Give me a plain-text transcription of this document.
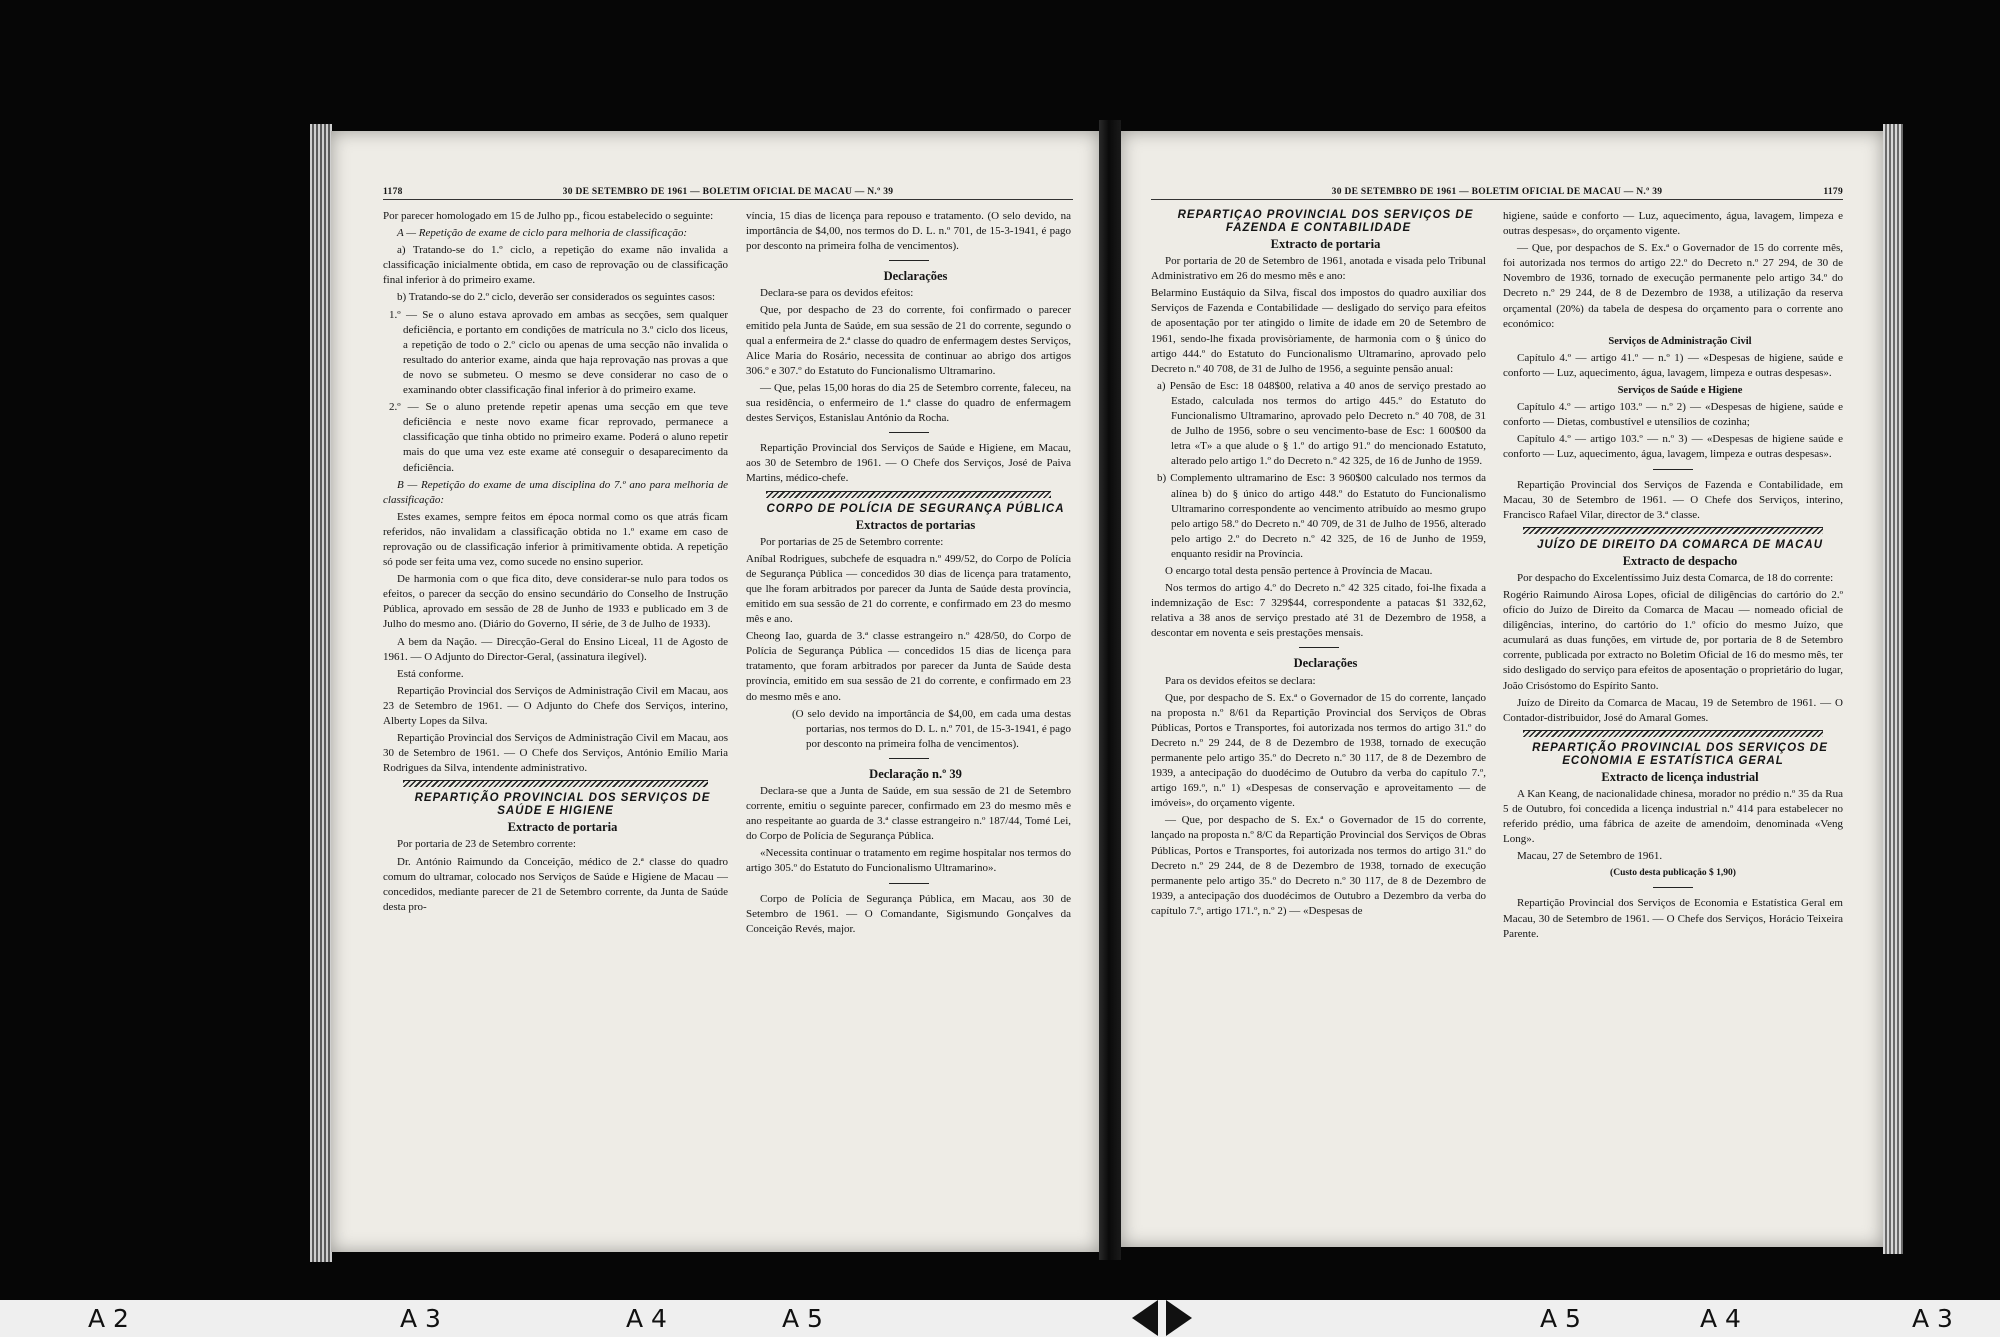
1178	30 DE SETEMBRO DE 1961 — BOLETIM OFICIAL DE MACAU — N.º 39

Por parecer homologado em 15 de Julho pp., ficou estabelecido o seguinte:

A — Repetição de exame de ciclo para melhoria de classificação:

a) Tratando-se do 1.º ciclo, a repetição do exame não invalida a classificação inicialmente obtida, em caso de reprovação ou de classificação final inferior à do primeiro exame.

b) Tratando-se do 2.º ciclo, deverão ser considerados os seguintes casos:

1.º — Se o aluno estava aprovado em ambas as secções, sem qualquer deficiência, e portanto em condições de matrícula no 3.º ciclo dos liceus, a repetição de todo o 2.º ciclo ou apenas de uma secção não invalida o resultado do anterior exame, ainda que haja reprovação nas provas a que de novo se submeteu. O mesmo se deve considerar no caso de o examinando obter classificação final inferior à do primeiro exame.

2.º — Se o aluno pretende repetir apenas uma secção em que teve deficiência e neste novo exame ficar reprovado, permanece a classificação que tinha obtido no primeiro exame. Poderá o aluno repetir mais do que uma vez este exame até conseguir o desaparecimento da deficiência.

B — Repetição do exame de uma disciplina do 7.º ano para melhoria de classificação:

Estes exames, sempre feitos em época normal como os que atrás ficam referidos, não invalidam a classificação obtida no 1.º exame em caso de reprovação ou de classificação inferior à primitivamente obtida. A repetição só pode ser feita uma vez, como sucede no ensino superior.

De harmonia com o que fica dito, deve considerar-se nulo para todos os efeitos, o parecer da secção do ensino secundário do Conselho de Instrução Pública, aprovado em sessão de 28 de Junho de 1933 e publicado em 3 de Julho do mesmo ano. (Diário do Governo, II série, de 3 de Julho de 1933).

A bem da Nação. — Direcção-Geral do Ensino Liceal, 11 de Agosto de 1961. — O Adjunto do Director-Geral, (assinatura ilegível).

Está conforme.

Repartição Provincial dos Serviços de Administração Civil em Macau, aos 23 de Setembro de 1961. — O Adjunto do Chefe dos Serviços, interino, Alberty Lopes da Silva.

Repartição Provincial dos Serviços de Administração Civil em Macau, aos 30 de Setembro de 1961. — O Chefe dos Serviços, António Emílio Maria Rodrigues da Silva, intendente administrativo.

REPARTIÇÃO PROVINCIAL DOS SERVIÇOS DE SAÚDE E HIGIENE

Extracto de portaria

Por portaria de 23 de Setembro corrente:

Dr. António Raimundo da Conceição, médico de 2.ª classe do quadro comum do ultramar, colocado nos Serviços de Saúde e Higiene de Macau — concedidos, mediante parecer de 21 de Setembro corrente, da Junta de Saúde desta pro-

víncia, 15 dias de licença para repouso e tratamento. (O selo devido, na importância de $4,00, nos termos do D. L. n.º 701, de 15-3-1941, é pago por desconto na primeira folha de vencimentos).

Declarações

Declara-se para os devidos efeitos:

Que, por despacho de 23 do corrente, foi confirmado o parecer emitido pela Junta de Saúde, em sua sessão de 21 do corrente, segundo o qual a enfermeira de 2.ª classe do quadro de enfermagem destes Serviços, Alice Maria do Rosário, necessita de continuar ao abrigo dos artigos 306.º e 307.º do Estatuto do Funcionalismo Ultramarino.

— Que, pelas 15,00 horas do dia 25 de Setembro corrente, faleceu, na sua residência, o enfermeiro de 1.ª classe do quadro de enfermagem destes Serviços, Estanislau António da Rocha.

Repartição Provincial dos Serviços de Saúde e Higiene, em Macau, aos 30 de Setembro de 1961. — O Chefe dos Serviços, José de Paiva Martins, médico-chefe.

CORPO DE POLÍCIA DE SEGURANÇA PÚBLICA

Extractos de portarias

Por portarias de 25 de Setembro corrente:

Aníbal Rodrigues, subchefe de esquadra n.º 499/52, do Corpo de Polícia de Segurança Pública — concedidos 30 dias de licença para tratamento, que lhe foram arbitrados por parecer da Junta de Saúde desta província, emitido em sua sessão de 21 do corrente, e confirmado em 23 do mesmo mês e ano.

Cheong Iao, guarda de 3.ª classe estrangeiro n.º 428/50, do Corpo de Polícia de Segurança Pública — concedidos 15 dias de licença para tratamento, que foram arbitrados por parecer da Junta de Saúde desta província, emitido em sua sessão de 21 do corrente, e confirmado em 23 do mesmo mês e ano.

(O selo devido na importância de $4,00, em cada uma destas portarias, nos termos do D. L. n.º 701, de 15-3-1941, é pago por desconto na primeira folha de vencimentos).

Declaração n.º 39

Declara-se que a Junta de Saúde, em sua sessão de 21 de Setembro corrente, emitiu o seguinte parecer, confirmado em 23 do mesmo mês e ano respeitante ao guarda de 3.ª classe estrangeiro n.º 187/44, Tomé Lei, do Corpo de Polícia de Segurança Pública.

«Necessita continuar o tratamento em regime hospitalar nos termos do artigo 305.º do Estatuto do Funcionalismo Ultramarino».

Corpo de Polícia de Segurança Pública, em Macau, aos 30 de Setembro de 1961. — O Comandante, Sigismundo Gonçalves da Conceição Revés, major.

30 DE SETEMBRO DE 1961 — BOLETIM OFICIAL DE MACAU — N.º 39	1179

REPARTIÇÃO PROVINCIAL DOS SERVIÇOS DE FAZENDA E CONTABILIDADE

Extracto de portaria

Por portaria de 20 de Setembro de 1961, anotada e visada pelo Tribunal Administrativo em 26 do mesmo mês e ano:

Belarmino Eustáquio da Silva, fiscal dos impostos do quadro auxiliar dos Serviços de Fazenda e Contabilidade — desligado do serviço para efeitos de aposentação por ter atingido o limite de idade em 20 de Setembro de 1961, sendo-lhe fixada provisòriamente, de harmonia com o § único do artigo 444.º do Estatuto do Funcionalismo Ultramarino, aprovado pelo Decreto n.º 40 708, de 31 de Julho de 1956, a seguinte pensão anual:

a) Pensão de Esc: 18 048$00, relativa a 40 anos de serviço prestado ao Estado, calculada nos termos do artigo 445.º do Estatuto do Funcionalismo Ultramarino, aprovado pelo Decreto n.º 40 708, de 31 de Julho de 1956, sobre o seu vencimento-base de Esc: 1 600$00 da letra «T» a que alude o § 1.º do artigo 91.º do mencionado Estatuto, alterado pelo artigo 1.º do Decreto n.º 42 325, de 16 de Junho de 1959.

b) Complemento ultramarino de Esc: 3 960$00 calculado nos termos da alínea b) do § único do artigo 448.º do Estatuto do Funcionalismo Ultramarino correspondente ao vencimento atribuído ao mesmo grupo pelo artigo 58.º do Decreto n.º 40 709, de 31 de Julho de 1956, alterado pelo artigo 2.º do Decreto n.º 42 325, de 16 de Junho de 1959, enquanto residir na Província.

O encargo total desta pensão pertence à Província de Macau.

Nos termos do artigo 4.º do Decreto n.º 42 325 citado, foi-lhe fixada a indemnização de Esc: 7 329$44, correspondente a patacas $1 332,62, relativa a 38 anos de serviço prestado até 31 de Dezembro de 1958, a descontar em noventa e seis prestações mensais.

Declarações

Para os devidos efeitos se declara:

Que, por despacho de S. Ex.ª o Governador de 15 do corrente, lançado na proposta n.º 8/61 da Repartição Provincial dos Serviços de Obras Públicas, Portos e Transportes, foi autorizada nos termos do artigo 31.º do Decreto n.º 29 244, de 8 de Dezembro de 1938, tornado de execução permanente pelo artigo 35.º do Decreto n.º 30 117, de 8 de Dezembro de 1939, a antecipação do duodécimo de Outubro da verba do capítulo 7.º, artigo 169.º, n.º 1) «Despesas de conservação e aproveitamento — de imóveis», do orçamento vigente.

— Que, por despacho de S. Ex.ª o Governador de 15 do corrente, lançado na proposta n.º 8/C da Repartição Provincial dos Serviços de Obras Públicas, Portos e Transportes, foi autorizada nos termos do artigo 31.º do Decreto n.º 29 244, de 8 de Dezembro de 1938, tornado de execução permanente pelo artigo 35.º do Decreto n.º 30 117, de 8 de Dezembro de 1939, a antecipação dos duodécimos de Outubro a Dezembro da verba do capítulo 7.º, artigo 171.º, n.º 2) — «Despesas de

higiene, saúde e conforto — Luz, aquecimento, água, lavagem, limpeza e outras despesas», do orçamento vigente.

— Que, por despachos de S. Ex.ª o Governador de 15 do corrente mês, foi autorizada nos termos do artigo 22.º do Decreto n.º 27 294, de 30 de Novembro de 1936, tornado de execução permanente pelo artigo 34.º do Decreto n.º 29 244, de 8 de Dezembro de 1938, a utilização da reserva orçamental (20%) da tabela de despesa do orçamento para o corrente ano económico:

Serviços de Administração Civil

Capítulo 4.º — artigo 41.º — n.º 1) — «Despesas de higiene, saúde e conforto — Luz, aquecimento, água, lavagem, limpeza e outras despesas».

Serviços de Saúde e Higiene

Capítulo 4.º — artigo 103.º — n.º 2) — «Despesas de higiene, saúde e conforto — Dietas, combustível e utensílios de cozinha;

Capítulo 4.º — artigo 103.º — n.º 3) — «Despesas de higiene saúde e conforto — Luz, aquecimento, água, lavagem, limpeza e outras despesas».

Repartição Provincial dos Serviços de Fazenda e Contabilidade, em Macau, 30 de Setembro de 1961. — O Chefe dos Serviços, interino, Francisco Rafael Vilar, director de 3.ª classe.

JUÍZO DE DIREITO DA COMARCA DE MACAU

Extracto de despacho

Por despacho do Excelentíssimo Juiz desta Comarca, de 18 do corrente:

Rogério Raimundo Airosa Lopes, oficial de diligências do cartório do 2.º ofício do Juízo de Direito da Comarca de Macau — nomeado oficial de diligências, interino, do cartório do 1.º ofício do mesmo Juízo, que acumulará as duas funções, em virtude de, por portaria de 8 de Setembro corrente, publicada por extracto no Boletim Oficial de 16 do mesmo mês, ter sido desligado do serviço para efeitos de aposentação o proprietário do lugar, João Crisóstomo do Espírito Santo.

Juízo de Direito da Comarca de Macau, 19 de Setembro de 1961. — O Contador-distribuidor, José do Amaral Gomes.

REPARTIÇÃO PROVINCIAL DOS SERVIÇOS DE ECONOMIA E ESTATÍSTICA GERAL

Extracto de licença industrial

A Kan Keang, de nacionalidade chinesa, morador no prédio n.º 35 da Rua 5 de Outubro, foi concedida a licença industrial n.º 414 para estabelecer no referido prédio, uma fábrica de azeite de amendoim, denominada «Veng Long».

Macau, 27 de Setembro de 1961.

(Custo desta publicação $ 1,90)

Repartição Provincial dos Serviços de Economia e Estatística Geral em Macau, 30 de Setembro de 1961. — O Chefe dos Serviços, Horácio Teixeira Parente.

A 2	A 3	A 4	A 5	A 5	A 4	A 3
